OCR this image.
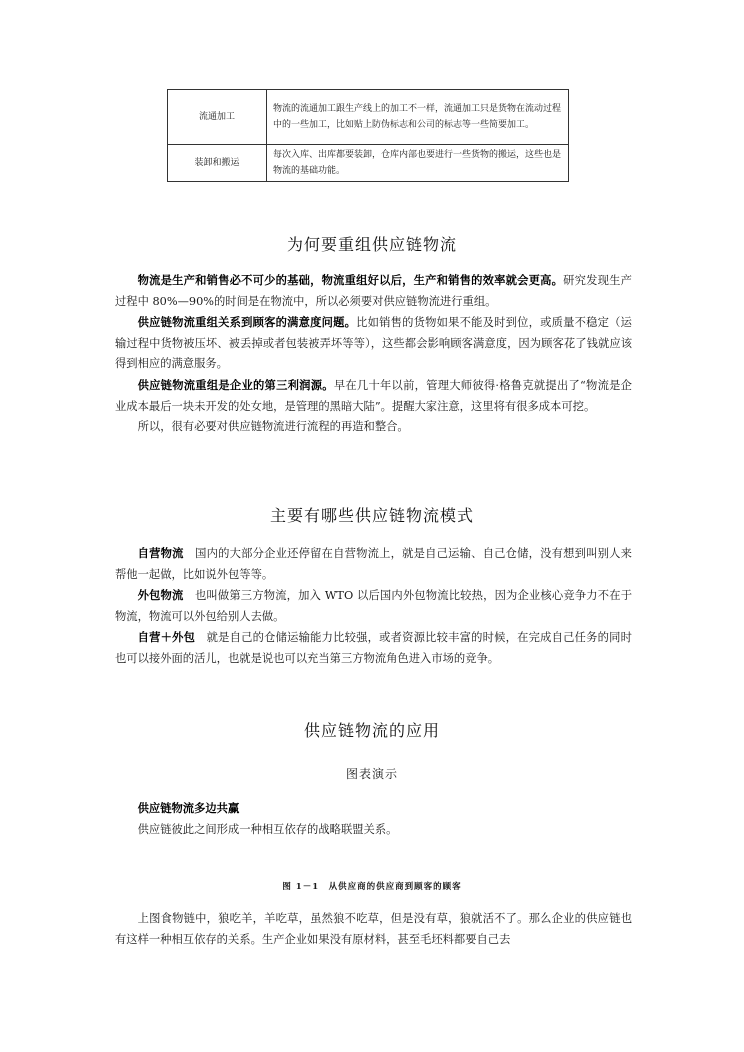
流通加工	物流的流通加工跟生产线上的加工不一样，流通加工只是货物在流动过程中的一些加工，比如贴上防伪标志和公司的标志等一些简要加工。
装卸和搬运	每次入库、出库都要装卸，仓库内部也要进行一些货物的搬运，这些也是物流的基础功能。
为何要重组供应链物流

物流是生产和销售必不可少的基础，物流重组好以后，生产和销售的效率就会更高。研究发现生产过程中 80%—90%的时间是在物流中，所以必须要对供应链物流进行重组。

供应链物流重组关系到顾客的满意度问题。比如销售的货物如果不能及时到位，或质量不稳定（运输过程中货物被压坏、被丢掉或者包装被弄坏等等），这些都会影响顾客满意度，因为顾客花了钱就应该得到相应的满意服务。

供应链物流重组是企业的第三利润源。早在几十年以前，管理大师彼得·格鲁克就提出了“物流是企业成本最后一块未开发的处女地，是管理的黑暗大陆”。提醒大家注意，这里将有很多成本可挖。

所以，很有必要对供应链物流进行流程的再造和整合。

主要有哪些供应链物流模式

自营物流　 国内的大部分企业还停留在自营物流上，就是自己运输、自己仓储，没有想到叫别人来帮他一起做，比如说外包等等。

外包物流　 也叫做第三方物流，加入 WTO 以后国内外包物流比较热，因为企业核心竞争力不在于物流，物流可以外包给别人去做。

自营＋外包　 就是自己的仓储运输能力比较强，或者资源比较丰富的时候，在完成自己任务的同时也可以接外面的活儿，也就是说也可以充当第三方物流角色进入市场的竞争。

供应链物流的应用
图表演示

供应链物流多边共赢

供应链彼此之间形成一种相互依存的战略联盟关系。

图 1－1　从供应商的供应商到顾客的顾客

上图食物链中，狼吃羊，羊吃草，虽然狼不吃草，但是没有草，狼就活不了。那么企业的供应链也有这样一种相互依存的关系。生产企业如果没有原材料，甚至毛坯料都要自己去
